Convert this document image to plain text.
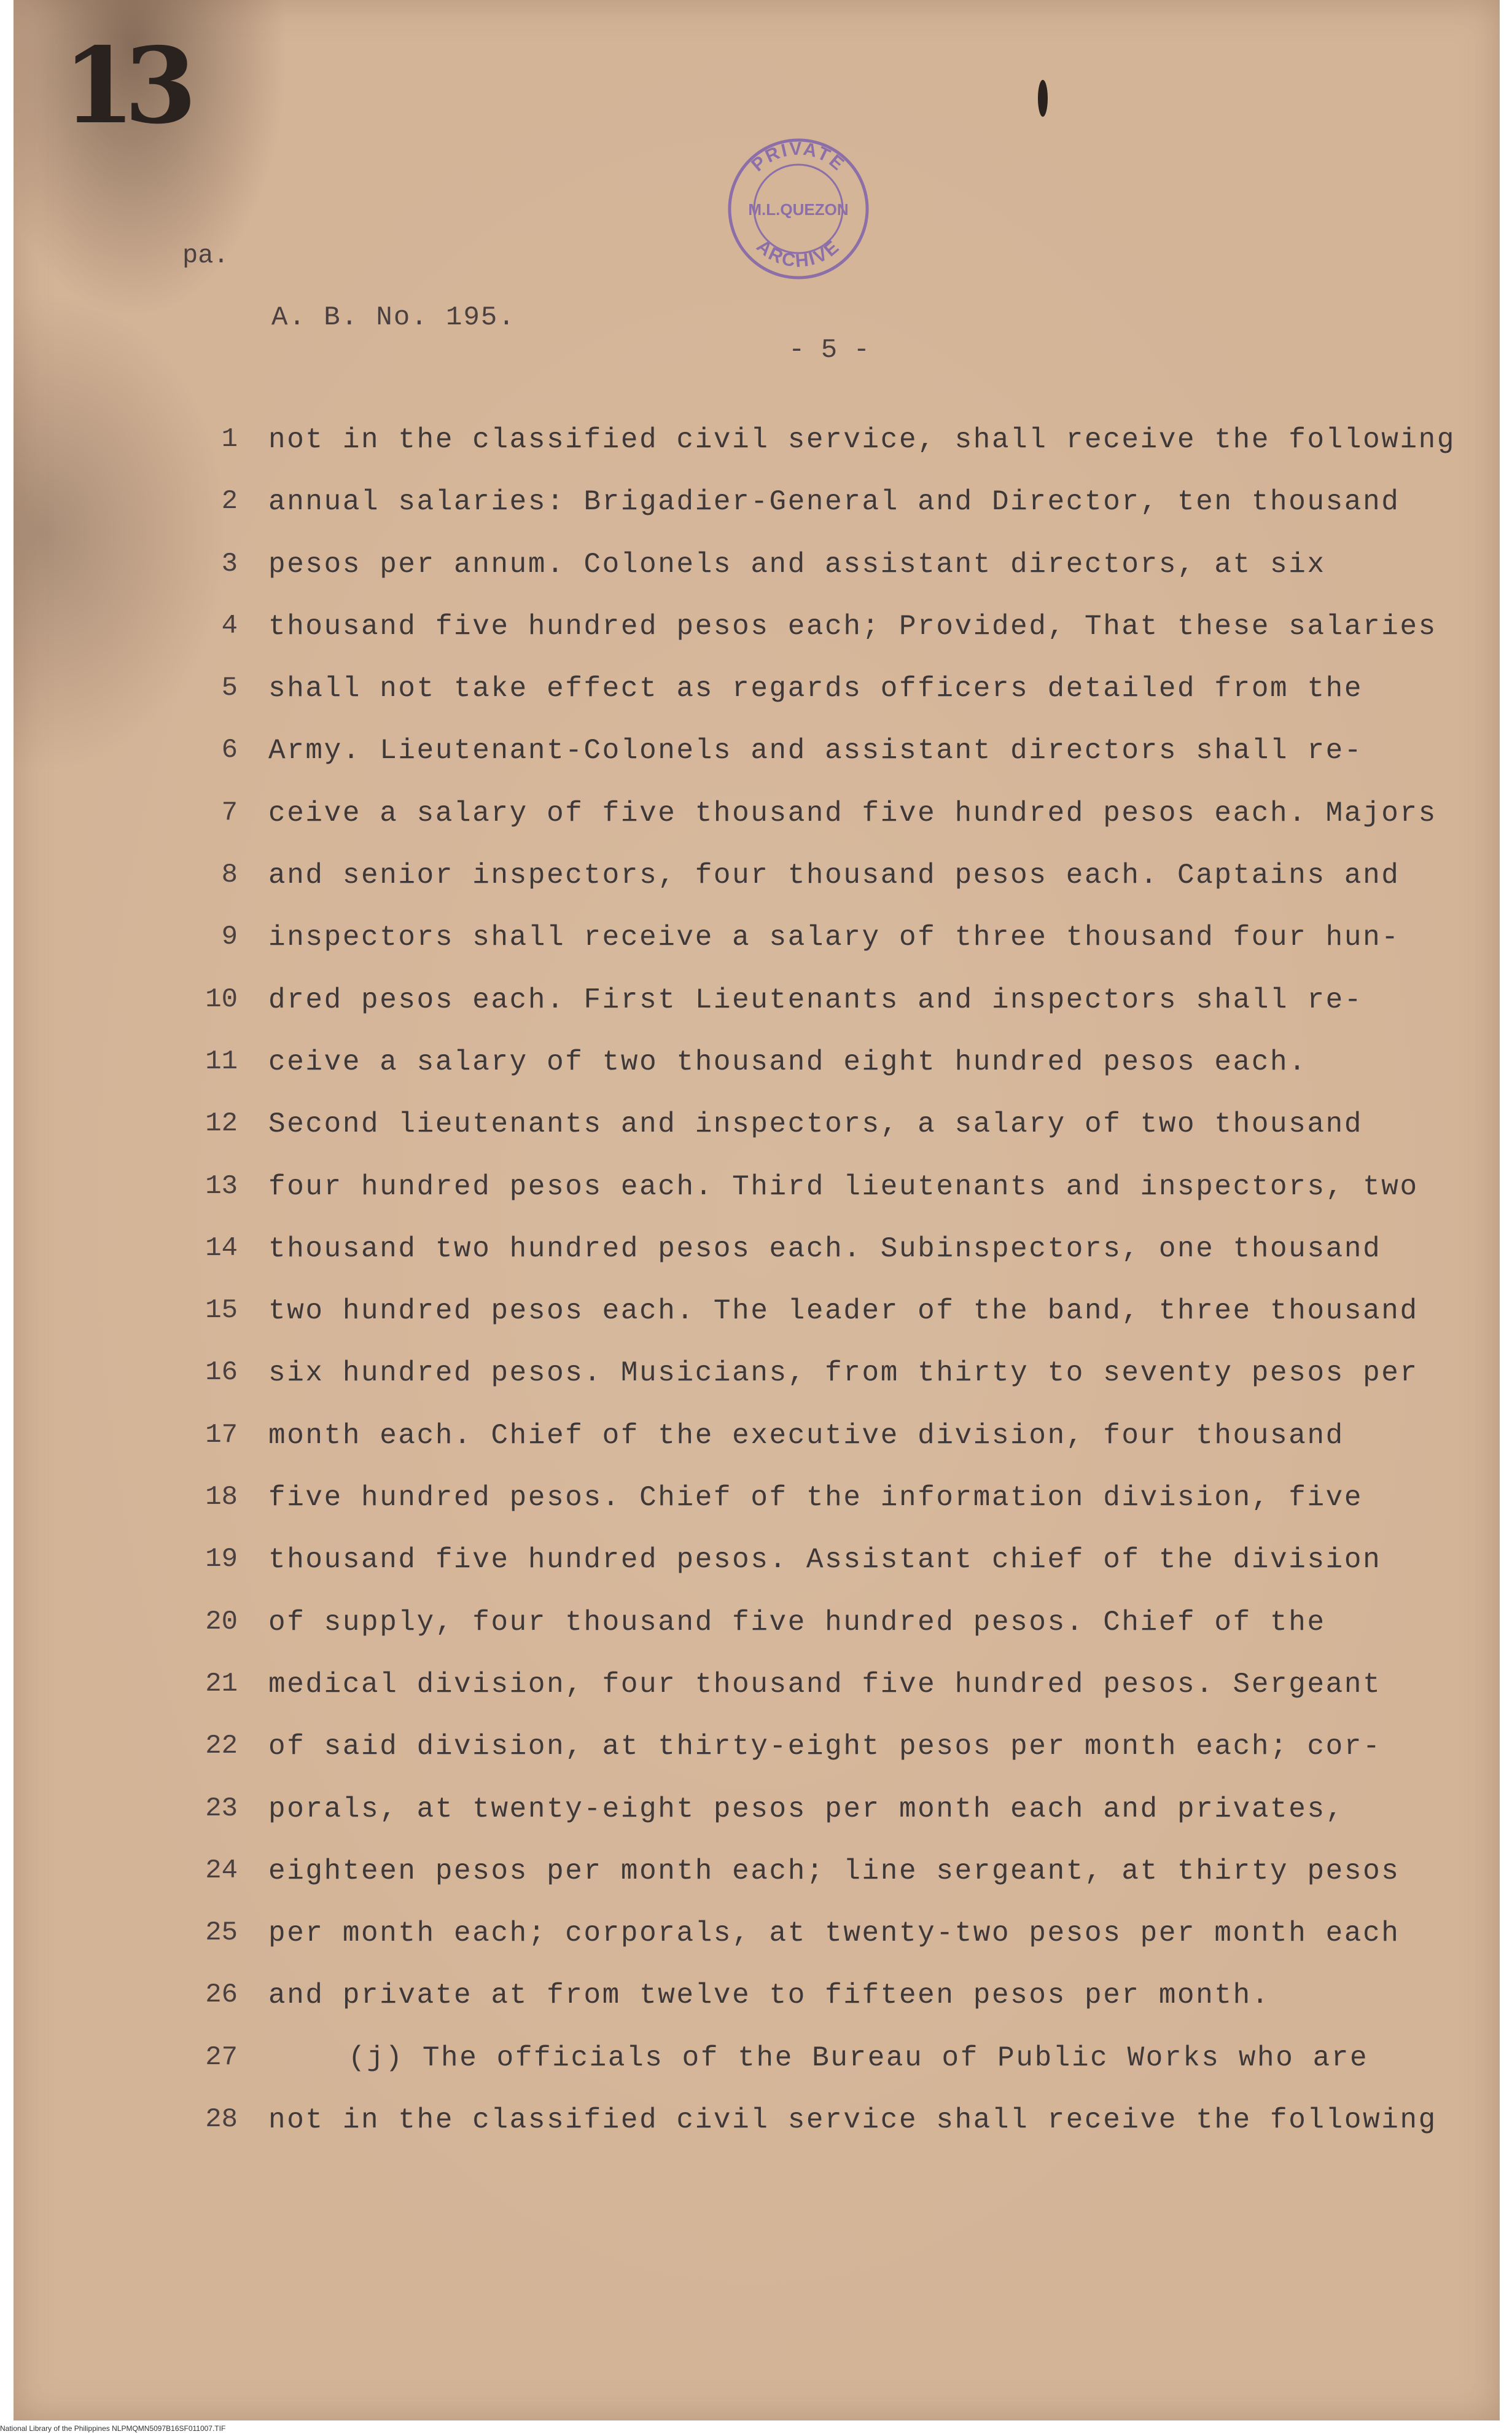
13
PRIVATE
M.L.QUEZON
ARCHIVE
pa.
A. B. No. 195.
- 5 -
1 not in the classified civil service, shall receive the following
2 annual salaries: Brigadier-General and Director, ten thousand
3 pesos per annum. Colonels and assistant directors, at six
4 thousand five hundred pesos each; Provided, That these salaries
5 shall not take effect as regards officers detailed from the
6 Army. Lieutenant-Colonels and assistant directors shall re-
7 ceive a salary of five thousand five hundred pesos each. Majors
8 and senior inspectors, four thousand pesos each. Captains and
9 inspectors shall receive a salary of three thousand four hun-
10 dred pesos each. First Lieutenants and inspectors shall re-
11 ceive a salary of two thousand eight hundred pesos each.
12 Second lieutenants and inspectors, a salary of two thousand
13 four hundred pesos each. Third lieutenants and inspectors, two
14 thousand two hundred pesos each. Subinspectors, one thousand
15 two hundred pesos each. The leader of the band, three thousand
16 six hundred pesos. Musicians, from thirty to seventy pesos per
17 month each. Chief of the executive division, four thousand
18 five hundred pesos. Chief of the information division, five
19 thousand five hundred pesos. Assistant chief of the division
20 of supply, four thousand five hundred pesos. Chief of the
21 medical division, four thousand five hundred pesos. Sergeant
22 of said division, at thirty-eight pesos per month each; cor-
23 porals, at twenty-eight pesos per month each and privates,
24 eighteen pesos per month each; line sergeant, at thirty pesos
25 per month each; corporals, at twenty-two pesos per month each
26 and private at from twelve to fifteen pesos per month.
27	(j) The officials of the Bureau of Public Works who are
28 not in the classified civil service shall receive the following
National Library of the Philippines NLPMQMN5097B16SF011007.TIF
